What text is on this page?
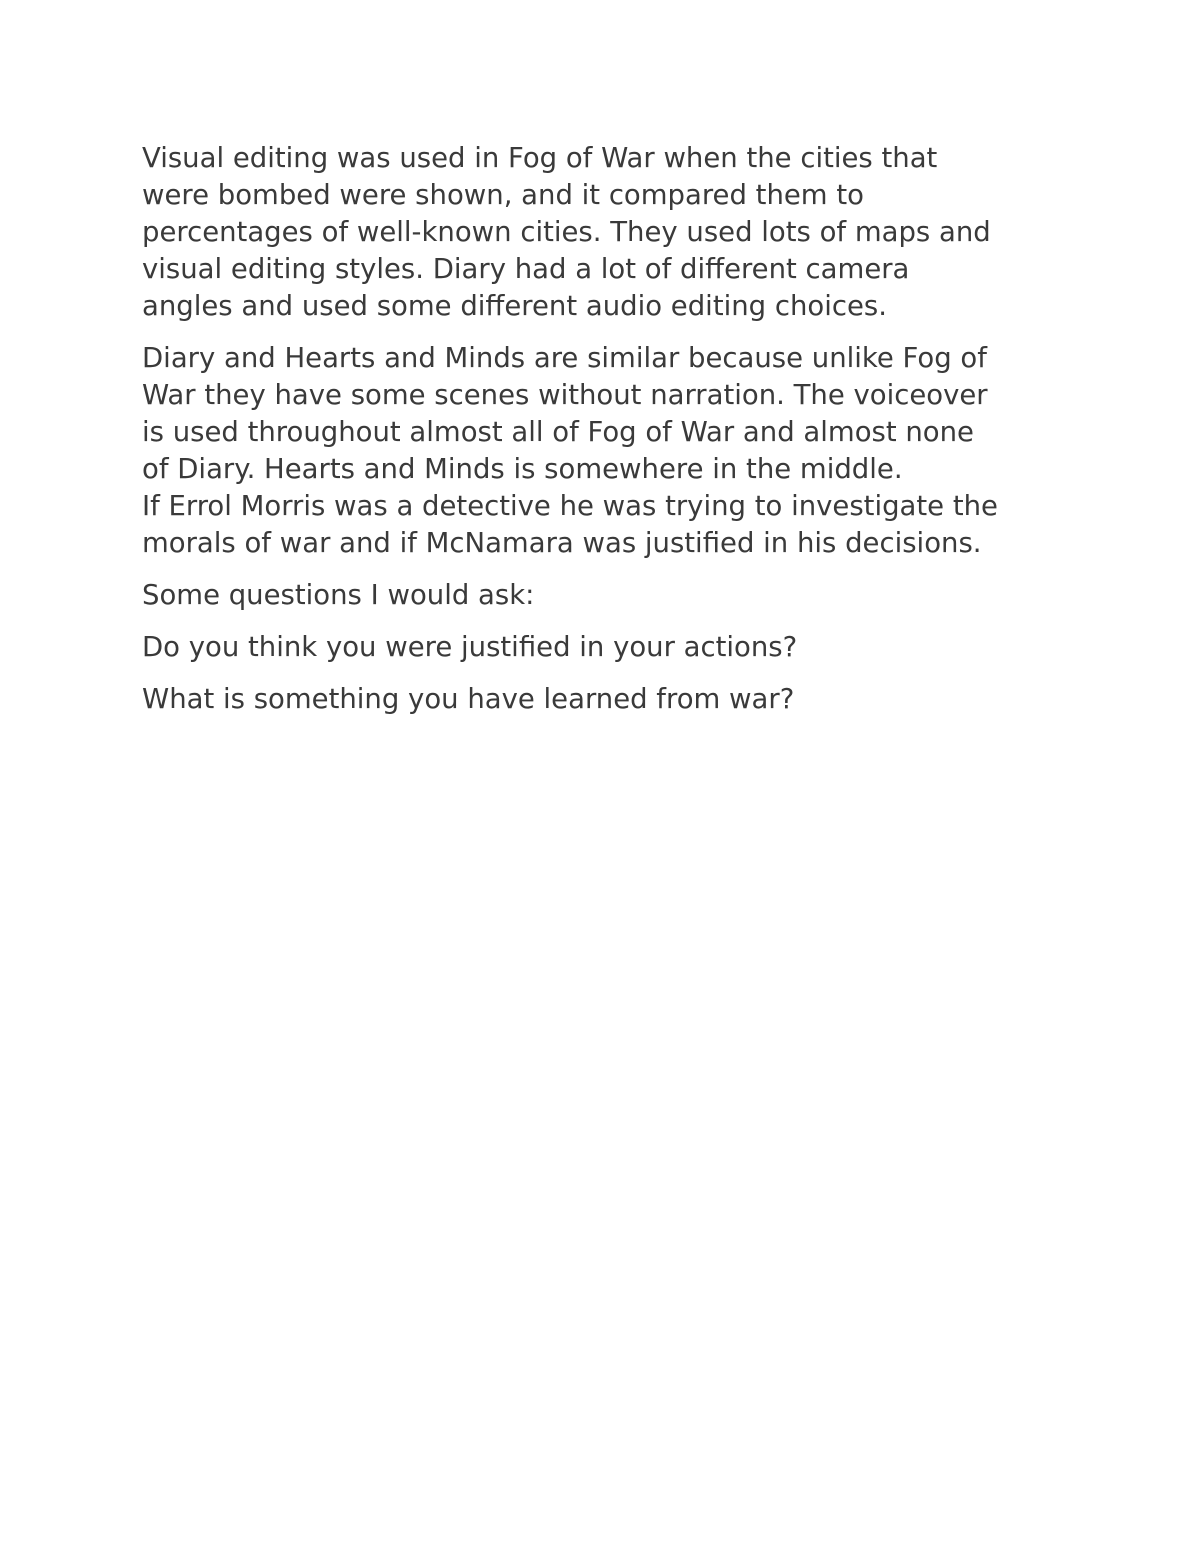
Visual editing was used in Fog of War when the cities that
were bombed were shown, and it compared them to
percentages of well-known cities. They used lots of maps and
visual editing styles. Diary had a lot of different camera
angles and used some different audio editing choices.
Diary and Hearts and Minds are similar because unlike Fog of
War they have some scenes without narration. The voiceover
is used throughout almost all of Fog of War and almost none
of Diary. Hearts and Minds is somewhere in the middle.
If Errol Morris was a detective he was trying to investigate the
morals of war and if McNamara was justified in his decisions.
Some questions I would ask:
Do you think you were justified in your actions?
What is something you have learned from war?
